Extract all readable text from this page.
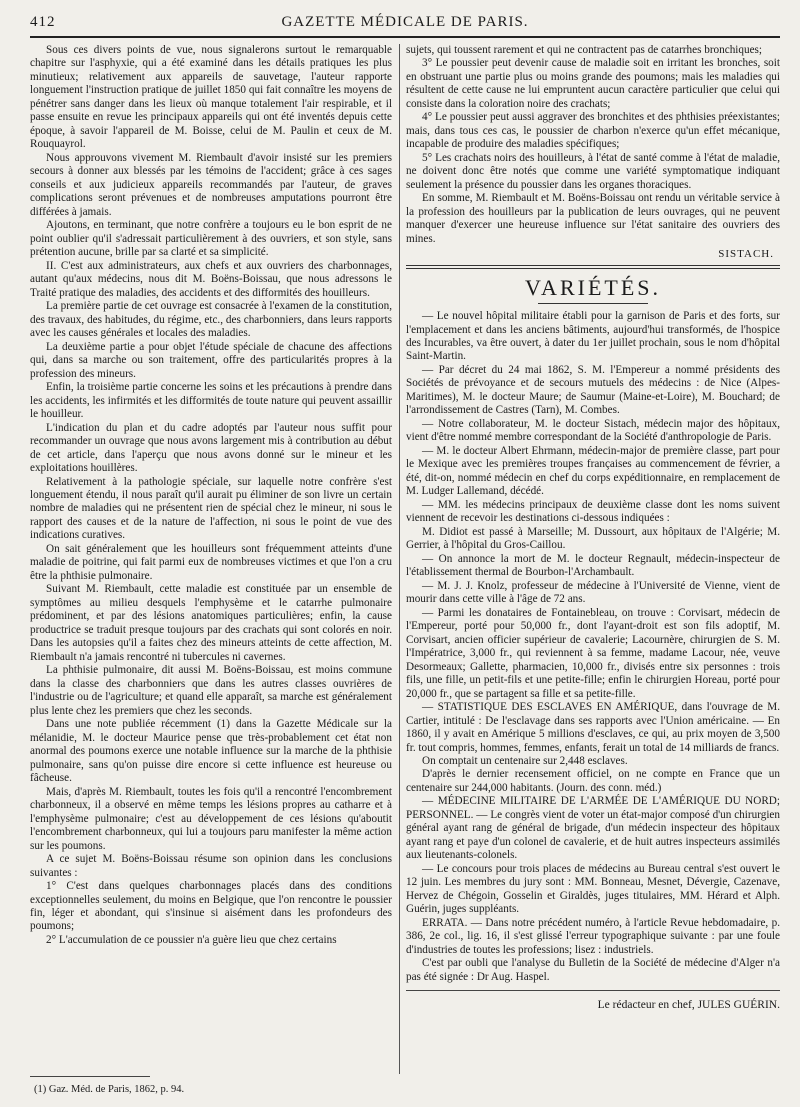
412	GAZETTE MÉDICALE DE PARIS.

Sous ces divers points de vue, nous signalerons surtout le remarquable chapitre sur l'asphyxie, qui a été examiné dans les détails pratiques les plus minutieux; relativement aux appareils de sauvetage, l'auteur rapporte longuement l'instruction pratique de juillet 1850 qui fait connaître les moyens de pénétrer sans danger dans les lieux où manque totalement l'air respirable, et il passe ensuite en revue les principaux appareils qui ont été inventés depuis cette époque, à savoir l'appareil de M. Boisse, celui de M. Paulin et ceux de M. Rouquayrol.

Nous approuvons vivement M. Riembault d'avoir insisté sur les premiers secours à donner aux blessés par les témoins de l'accident; grâce à ces sages conseils et aux judicieux appareils recommandés par l'auteur, de graves complications seront prévenues et de nombreuses amputations pourront être différées à jamais.

Ajoutons, en terminant, que notre confrère a toujours eu le bon esprit de ne point oublier qu'il s'adressait particulièrement à des ouvriers, et son style, sans prétention aucune, brille par sa clarté et sa simplicité.

II. C'est aux administrateurs, aux chefs et aux ouvriers des charbonnages, autant qu'aux médecins, nous dit M. Boëns-Boissau, que nous adressons le Traité pratique des maladies, des accidents et des difformités des houilleurs.

La première partie de cet ouvrage est consacrée à l'examen de la constitution, des travaux, des habitudes, du régime, etc., des charbonniers, dans leurs rapports avec les causes générales et locales des maladies.

La deuxième partie a pour objet l'étude spéciale de chacune des affections qui, dans sa marche ou son traitement, offre des particularités propres à la profession des mineurs.

Enfin, la troisième partie concerne les soins et les précautions à prendre dans les accidents, les infirmités et les difformités de toute nature qui peuvent assaillir le houilleur.

L'indication du plan et du cadre adoptés par l'auteur nous suffit pour recommander un ouvrage que nous avons largement mis à contribution au début de cet article, dans l'aperçu que nous avons donné sur le mineur et les exploitations houillères.

Relativement à la pathologie spéciale, sur laquelle notre confrère s'est longuement étendu, il nous paraît qu'il aurait pu éliminer de son livre un certain nombre de maladies qui ne présentent rien de spécial chez le mineur, ni sous le rapport des causes et de la nature de l'affection, ni sous le point de vue des indications curatives.

On sait généralement que les houilleurs sont fréquemment atteints d'une maladie de poitrine, qui fait parmi eux de nombreuses victimes et que l'on a cru être la phthisie pulmonaire.

Suivant M. Riembault, cette maladie est constituée par un ensemble de symptômes au milieu desquels l'emphysème et le catarrhe pulmonaire prédominent, et par des lésions anatomiques particulières; enfin, la cause productrice se traduit presque toujours par des crachats qui sont colorés en noir. Dans les autopsies qu'il a faites chez des mineurs atteints de cette affection, M. Riembault n'a jamais rencontré ni tubercules ni cavernes.

La phthisie pulmonaire, dit aussi M. Boëns-Boissau, est moins commune dans la classe des charbonniers que dans les autres classes ouvrières de l'industrie ou de l'agriculture; et quand elle apparaît, sa marche est généralement plus lente chez les premiers que chez les seconds.

Dans une note publiée récemment (1) dans la Gazette Médicale sur la mélanidie, M. le docteur Maurice pense que très-probablement cet état non anormal des poumons exerce une notable influence sur la marche de la phthisie pulmonaire, sans qu'on puisse dire encore si cette influence est heureuse ou fâcheuse.

Mais, d'après M. Riembault, toutes les fois qu'il a rencontré l'encombrement charbonneux, il a observé en même temps les lésions propres au catharre et à l'emphysème pulmonaire; c'est au développement de ces lésions qu'aboutit l'encombrement charbonneux, qui lui a toujours paru manifester la même action sur les poumons.

A ce sujet M. Boëns-Boissau résume son opinion dans les conclusions suivantes :

1° C'est dans quelques charbonnages placés dans des conditions exceptionnelles seulement, du moins en Belgique, que l'on rencontre le poussier fin, léger et abondant, qui s'insinue si aisément dans les profondeurs des poumons;

2° L'accumulation de ce poussier n'a guère lieu que chez certains

sujets, qui toussent rarement et qui ne contractent pas de catarrhes bronchiques;

3° Le poussier peut devenir cause de maladie soit en irritant les bronches, soit en obstruant une partie plus ou moins grande des poumons; mais les maladies qui résultent de cette cause ne lui empruntent aucun caractère particulier que celui qui consiste dans la coloration noire des crachats;

4° Le poussier peut aussi aggraver des bronchites et des phthisies préexistantes; mais, dans tous ces cas, le poussier de charbon n'exerce qu'un effet mécanique, incapable de produire des maladies spécifiques;

5° Les crachats noirs des houilleurs, à l'état de santé comme à l'état de maladie, ne doivent donc être notés que comme une variété symptomatique indiquant seulement la présence du poussier dans les organes thoraciques.

En somme, M. Riembault et M. Boëns-Boissau ont rendu un véritable service à la profession des houilleurs par la publication de leurs ouvrages, qui ne peuvent manquer d'exercer une heureuse influence sur l'état sanitaire des ouvriers des mines.

SISTACH.
VARIÉTÉS.

— Le nouvel hôpital militaire établi pour la garnison de Paris et des forts, sur l'emplacement et dans les anciens bâtiments, aujourd'hui transformés, de l'hospice des Incurables, va être ouvert, à dater du 1er juillet prochain, sous le nom d'hôpital Saint-Martin.

— Par décret du 24 mai 1862, S. M. l'Empereur a nommé présidents des Sociétés de prévoyance et de secours mutuels des médecins : de Nice (Alpes-Maritimes), M. le docteur Maure; de Saumur (Maine-et-Loire), M. Bouchard; de l'arrondissement de Castres (Tarn), M. Combes.

— Notre collaborateur, M. le docteur Sistach, médecin major des hôpitaux, vient d'être nommé membre correspondant de la Société d'anthropologie de Paris.

— M. le docteur Albert Ehrmann, médecin-major de première classe, part pour le Mexique avec les premières troupes françaises au commencement de février, a été, dit-on, nommé médecin en chef du corps expéditionnaire, en remplacement de M. Ludger Lallemand, décédé.

— MM. les médecins principaux de deuxième classe dont les noms suivent viennent de recevoir les destinations ci-dessous indiquées :

M. Didiot est passé à Marseille; M. Dussourt, aux hôpitaux de l'Algérie; M. Gerrier, à l'hôpital du Gros-Caillou.

— On annonce la mort de M. le docteur Regnault, médecin-inspecteur de l'établissement thermal de Bourbon-l'Archambault.

— M. J. J. Knolz, professeur de médecine à l'Université de Vienne, vient de mourir dans cette ville à l'âge de 72 ans.

— Parmi les donataires de Fontainebleau, on trouve : Corvisart, médecin de l'Empereur, porté pour 50,000 fr., dont l'ayant-droit est son fils adoptif, M. Corvisart, ancien officier supérieur de cavalerie; Lacournère, chirurgien de S. M. l'Impératrice, 3,000 fr., qui reviennent à sa femme, madame Lacour, née, veuve Desormeaux; Gallette, pharmacien, 10,000 fr., divisés entre six personnes : trois fils, une fille, un petit-fils et une petite-fille; enfin le chirurgien Horeau, porté pour 20,000 fr., que se partagent sa fille et sa petite-fille.

— STATISTIQUE DES ESCLAVES EN AMÉRIQUE, dans l'ouvrage de M. Cartier, intitulé : De l'esclavage dans ses rapports avec l'Union américaine. — En 1860, il y avait en Amérique 5 millions d'esclaves, ce qui, au prix moyen de 3,500 fr. tout compris, hommes, femmes, enfants, ferait un total de 14 milliards de francs.

On comptait un centenaire sur 2,448 esclaves.

D'après le dernier recensement officiel, on ne compte en France que un centenaire sur 244,000 habitants. (Journ. des conn. méd.)

— MÉDECINE MILITAIRE DE L'ARMÉE DE L'AMÉRIQUE DU NORD; PERSONNEL. — Le congrès vient de voter un état-major composé d'un chirurgien général ayant rang de général de brigade, d'un médecin inspecteur des hôpitaux ayant rang et paye d'un colonel de cavalerie, et de huit autres inspecteurs assimilés aux lieutenants-colonels.

— Le concours pour trois places de médecins au Bureau central s'est ouvert le 12 juin. Les membres du jury sont : MM. Bonneau, Mesnet, Dévergie, Cazenave, Hervez de Chégoin, Gosselin et Giraldès, juges titulaires, MM. Hérard et Alph. Guérin, juges suppléants.

ERRATA. — Dans notre précédent numéro, à l'article Revue hebdomadaire, p. 386, 2e col., lig. 16, il s'est glissé l'erreur typographique suivante : par une foule d'industries de toutes les professions; lisez : industriels.

C'est par oubli que l'analyse du Bulletin de la Société de médecine d'Alger n'a pas été signée : Dr Aug. Haspel.

Le rédacteur en chef, JULES GUÉRIN.
(1) Gaz. Méd. de Paris, 1862, p. 94.
